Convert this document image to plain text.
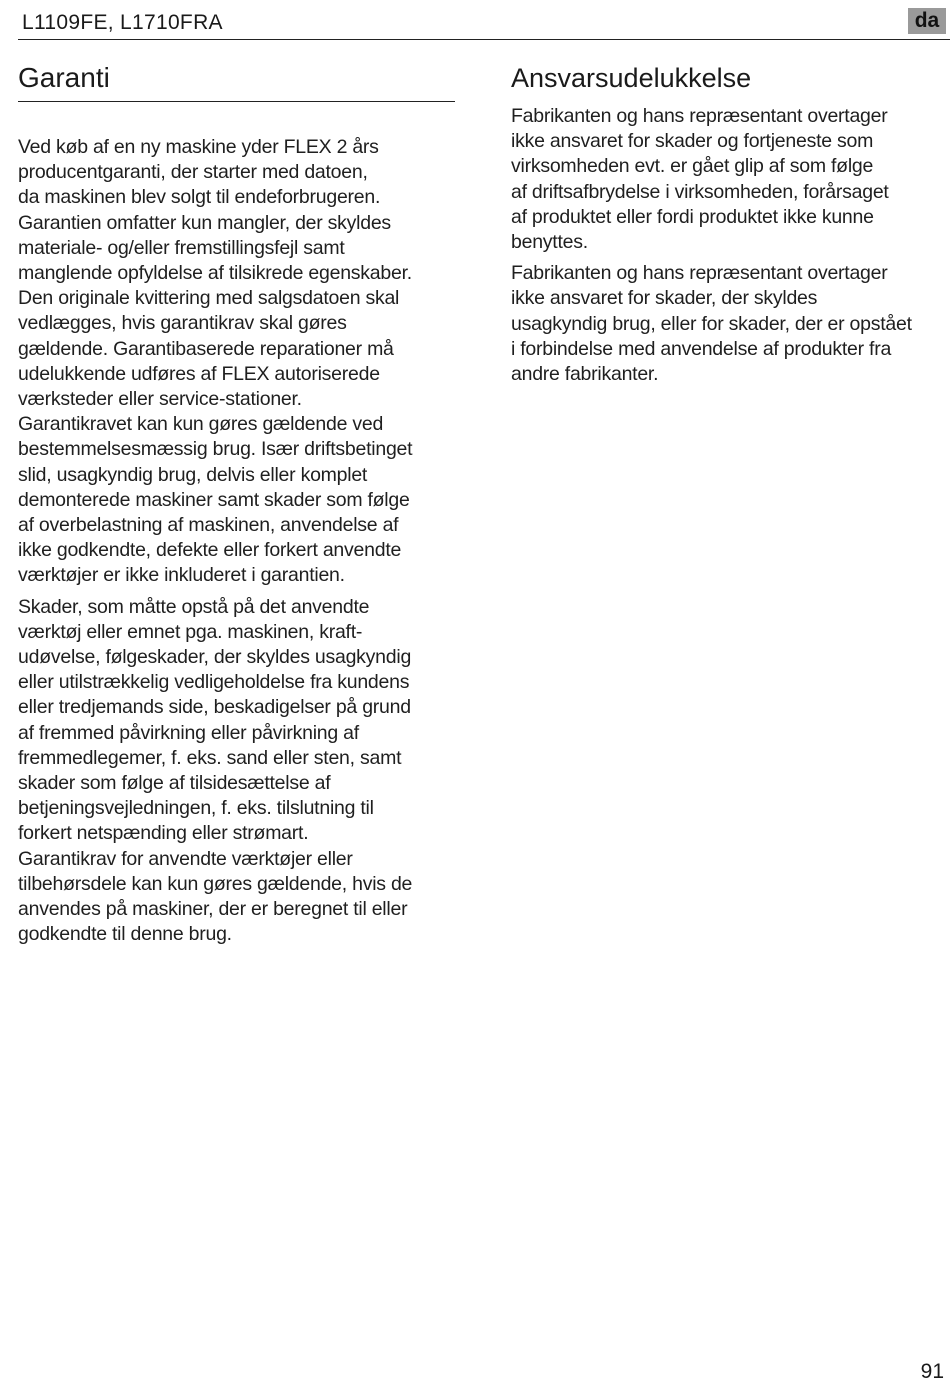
L1109FE, L1710FRA	da
Garanti

Ved køb af en ny maskine yder FLEX 2 års
producentgaranti, der starter med datoen,
da maskinen blev solgt til endeforbrugeren.
Garantien omfatter kun mangler, der skyldes
materiale- og/eller fremstillingsfejl samt
manglende opfyldelse af tilsikrede egenskaber.
Den originale kvittering med salgsdatoen skal
vedlægges, hvis garantikrav skal gøres
gældende. Garantibaserede reparationer må
udelukkende udføres af FLEX autoriserede
værksteder eller service-stationer.
Garantikravet kan kun gøres gældende ved
bestemmelsesmæssig brug. Især driftsbetinget
slid, usagkyndig brug, delvis eller komplet
demonterede maskiner samt skader som følge
af overbelastning af maskinen, anvendelse af
ikke godkendte, defekte eller forkert anvendte
værktøjer er ikke inkluderet i garantien.

Skader, som måtte opstå på det anvendte
værktøj eller emnet pga. maskinen, kraft-
udøvelse, følgeskader, der skyldes usagkyndig
eller utilstrækkelig vedligeholdelse fra kundens
eller tredjemands side, beskadigelser på grund
af fremmed påvirkning eller påvirkning af
fremmedlegemer, f. eks. sand eller sten, samt
skader som følge af tilsidesættelse af
betjeningsvejledningen, f. eks. tilslutning til
forkert netspænding eller strømart.
Garantikrav for anvendte værktøjer eller
tilbehørsdele kan kun gøres gældende, hvis de
anvendes på maskiner, der er beregnet til eller
godkendte til denne brug.

Ansvarsudelukkelse

Fabrikanten og hans repræsentant overtager
ikke ansvaret for skader og fortjeneste som
virksomheden evt. er gået glip af som følge
af driftsafbrydelse i virksomheden, forårsaget
af produktet eller fordi produktet ikke kunne
benyttes.

Fabrikanten og hans repræsentant overtager
ikke ansvaret for skader, der skyldes
usagkyndig brug, eller for skader, der er opstået
i forbindelse med anvendelse af produkter fra
andre fabrikanter.

91
